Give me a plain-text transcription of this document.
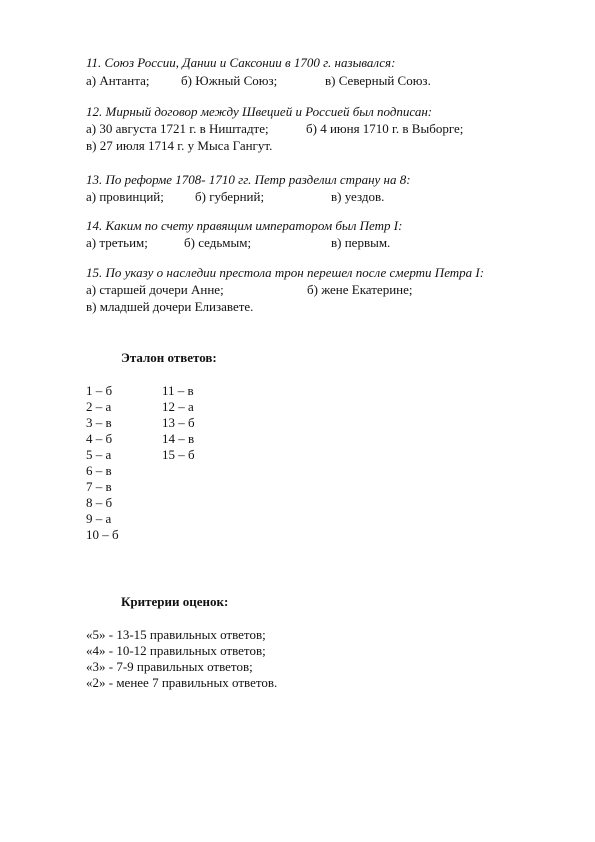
11. Союз России, Дании и Саксонии в 1700 г. назывался:
а) Антанта; б) Южный Союз;	в) Северный Союз.
12. Мирный договор между Швецией и Россией был подписан:
а) 30 августа 1721 г. в Ништадте;	б) 4 июня 1710 г. в Выборге;
в) 27 июля 1714 г. у Мыса Гангут.
13. По реформе 1708- 1710 гг. Петр разделил страну на 8:
а) провинций; б) губерний;	в) уездов.
14. Каким по счету правящим императором был Петр I:
а) третьим;	б) седьмым;	в) первым.
15. По указу о наследии престола трон перешел после смерти Петра I:
а) старшей дочери Анне;	б) жене Екатерине;
в) младшей дочери Елизавете.
Эталон ответов:
1 – б
2 – а
3 – в
4 – б
5 – а
6 – в
7 – в
8 – б
9 – а
10 – б
11 – в
12 – а
13 – б
14 – в
15 – б
Критерии оценок:
«5» - 13-15 правильных ответов;
«4» - 10-12 правильных ответов;
«3» - 7-9 правильных ответов;
«2» - менее 7 правильных ответов.
